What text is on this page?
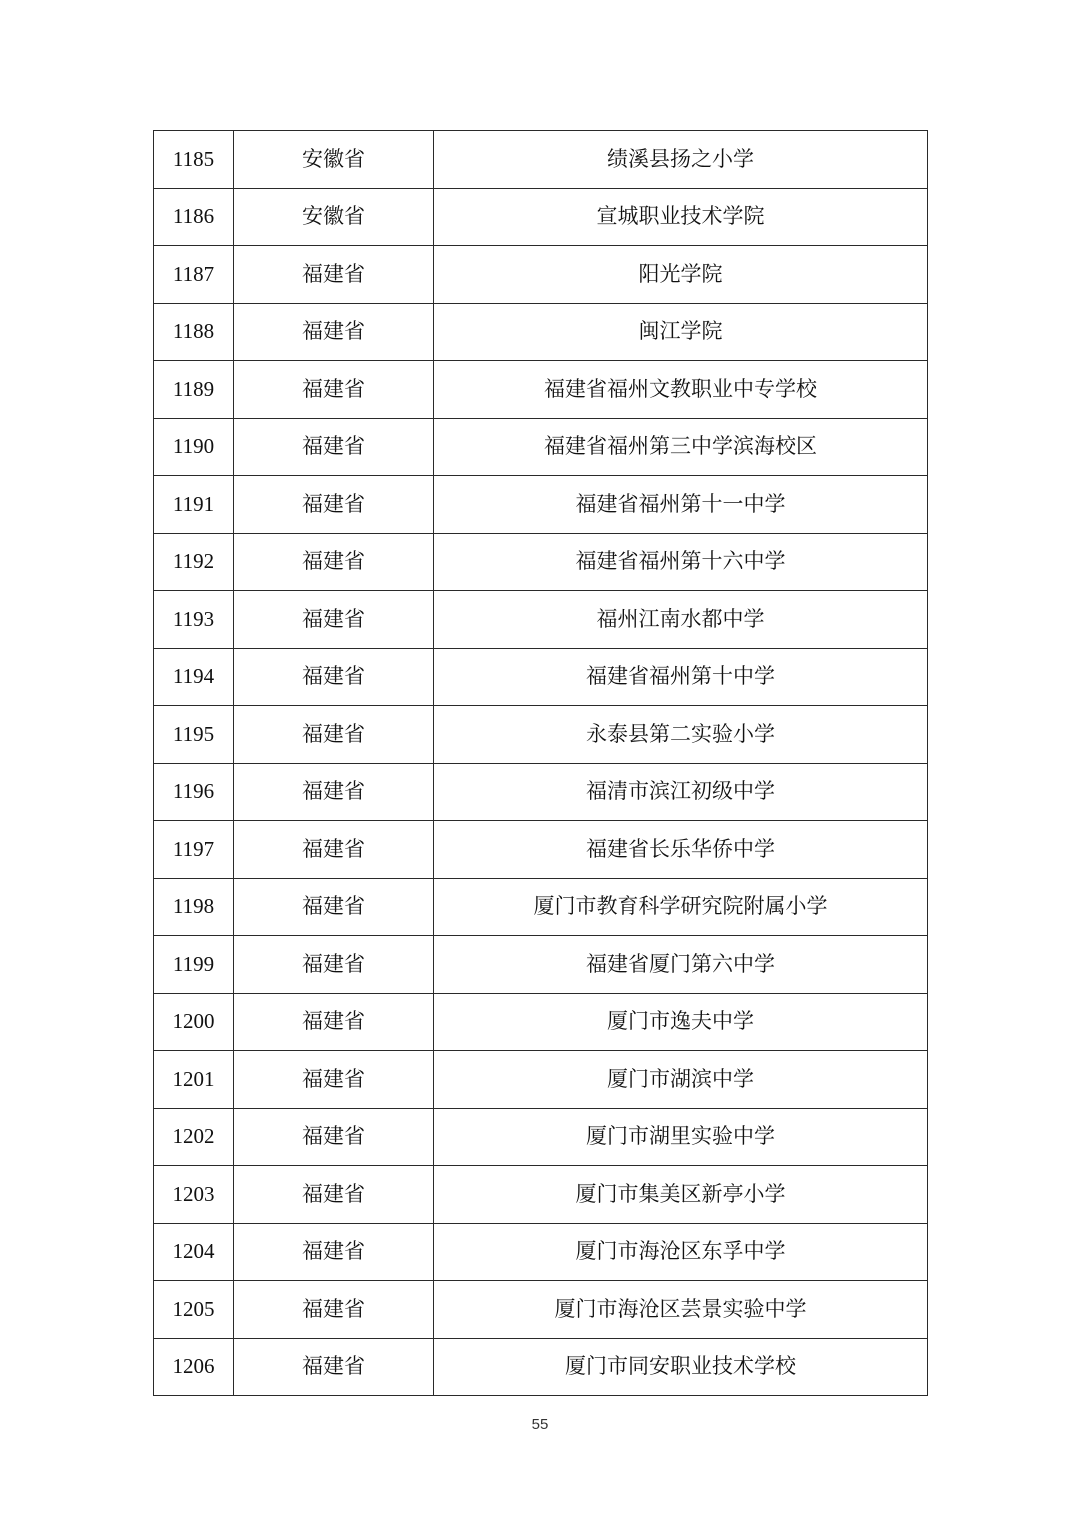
1185	安徽省	绩溪县扬之小学
1186	安徽省	宣城职业技术学院
1187	福建省	阳光学院
1188	福建省	闽江学院
1189	福建省	福建省福州文教职业中专学校
1190	福建省	福建省福州第三中学滨海校区
1191	福建省	福建省福州第十一中学
1192	福建省	福建省福州第十六中学
1193	福建省	福州江南水都中学
1194	福建省	福建省福州第十中学
1195	福建省	永泰县第二实验小学
1196	福建省	福清市滨江初级中学
1197	福建省	福建省长乐华侨中学
1198	福建省	厦门市教育科学研究院附属小学
1199	福建省	福建省厦门第六中学
1200	福建省	厦门市逸夫中学
1201	福建省	厦门市湖滨中学
1202	福建省	厦门市湖里实验中学
1203	福建省	厦门市集美区新亭小学
1204	福建省	厦门市海沧区东孚中学
1205	福建省	厦门市海沧区芸景实验中学
1206	福建省	厦门市同安职业技术学校
55
